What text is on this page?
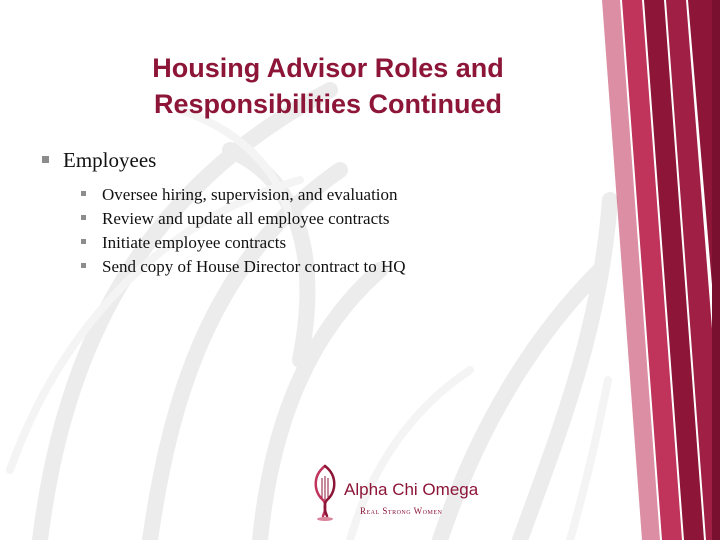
Housing Advisor Roles and
Responsibilities Continued
Employees
Oversee hiring, supervision, and evaluation
Review and update all employee contracts
Initiate employee contracts
Send copy of House Director contract to HQ
Alpha Chi Omega
Real Strong Women
